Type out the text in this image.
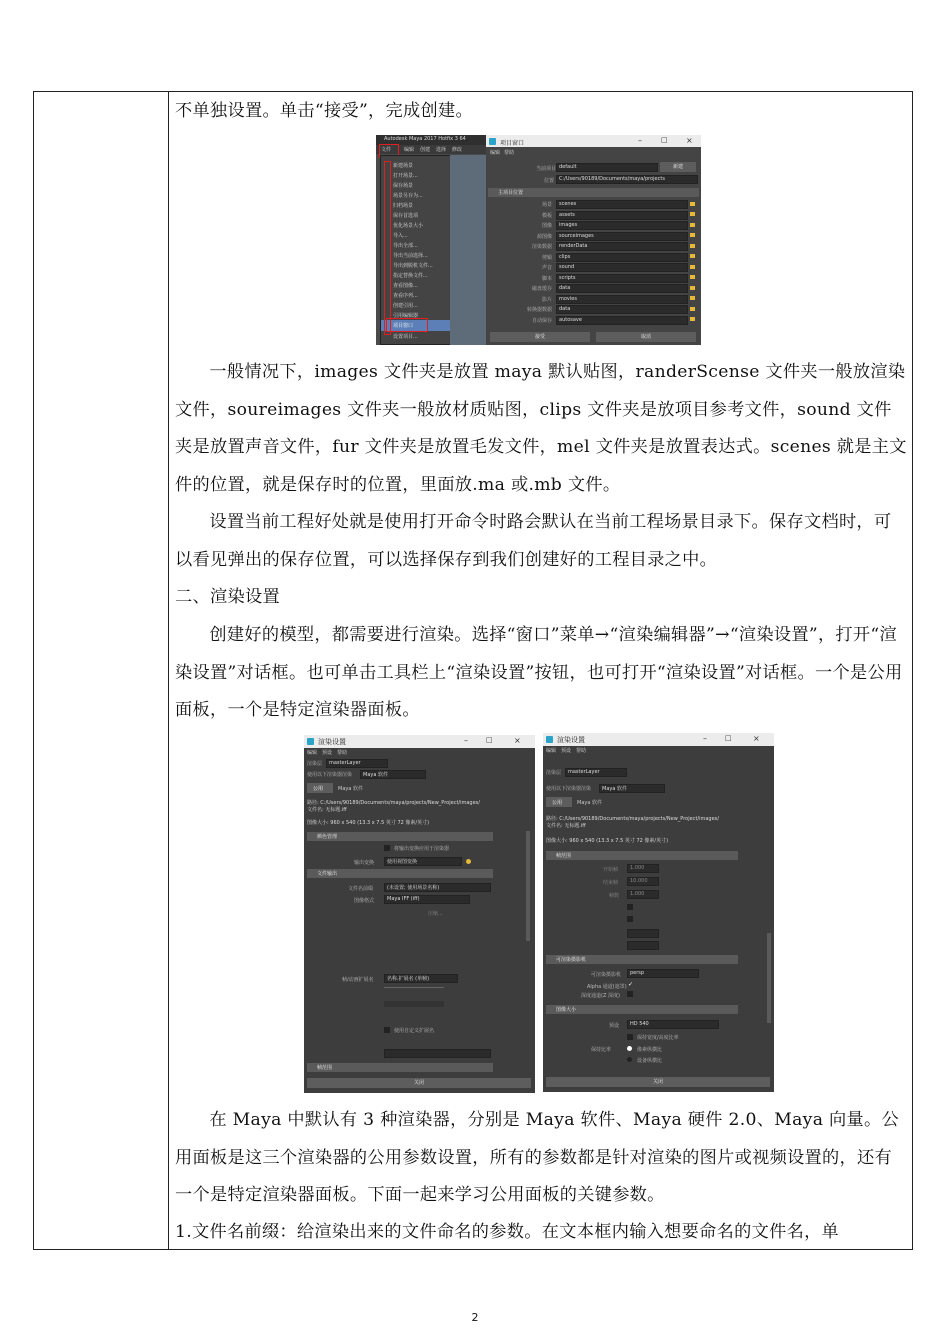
不单独设置。单击“接受”，完成创建。

一般情况下，images 文件夹是放置 maya 默认贴图，randerScense 文件夹一般放渲染文件，soureimages 文件夹一般放材质贴图，clips 文件夹是放项目参考文件，sound 文件夹是放置声音文件，fur 文件夹是放置毛发文件，mel 文件夹是放置表达式。scenes 就是主文件的位置，就是保存时的位置，里面放.ma 或.mb 文件。

设置当前工程好处就是使用打开命令时路会默认在当前工程场景目录下。保存文档时，可以看见弹出的保存位置，可以选择保存到我们创建好的工程目录之中。

二、渲染设置

创建好的模型，都需要进行渲染。选择“窗口”菜单→“渲染编辑器”→“渲染设置”，打开“渲染设置”对话框。也可单击工具栏上“渲染设置”按钮，也可打开“渲染设置”对话框。一个是公用面板，一个是特定渲染器面板。

在 Maya 中默认有 3 种渲染器，分别是 Maya 软件、Maya 硬件 2.0、Maya 向量。公用面板是这三个渲染器的公用参数设置，所有的参数都是针对渲染的图片或视频设置的，还有一个是特定渲染器面板。下面一起来学习公用面板的关键参数。

1.文件名前缀：给渲染出来的文件命名的参数。在文本框内输入想要命名的文件名，单

Autodesk Maya 2017 Hotfix 3 64
文件	编辑 创建 选择 修改
新建场景
打开场景...
保存场景
场景另存为...
归档场景
保存首选项
优化场景大小
导入...
导出全部...
导出当前选择...
导出到脱机文件...
指定替换文件...
查看图像...
查看序列...
创建引用...
引用编辑器
项目窗口
设置项目...
项目窗口	–	□ ×
编辑 帮助
当前项目 default	新建
位置 C:/Users/90189/Documents/maya/projects
主项目位置
场景 scenes
模板 assets
图像 images
源图像 sourceimages
渲染数据 renderData
剪辑 clips
声音 sound
脚本 scripts
磁盘缓存 data
影片 movies
转换器数据 data
自动保存 autosave
接受	取消
渲染设置	–	□	×
编辑 预设 帮助
渲染层 masterLayer
使用以下渲染器渲染 Maya 软件
公用	Maya 软件
路径: C:/Users/90189/Documents/maya/projects/New_Project/images/
文件名: 无标题.iff
图像大小: 960 x 540 (13.3 x 7.5 英寸 72 像素/英寸)
颜色管理
将输出变换应用于渲染器
输出变换	使用视图变换
文件输出
文件名前缀	(未设置; 使用场景名称)
图像格式	Maya IFF (iff)
压缩...
帧/动画扩展名	名称.扩展名 (单帧)
使用自定义扩展名
帧范围
关闭
渲染设置	–	□	×
编辑 预设 帮助
渲染层 masterLayer
使用以下渲染器渲染 Maya 软件
公用	Maya 软件
路径: C:/Users/90189/Documents/maya/projects/New_Project/images/
文件名: 无标题.iff
图像大小: 960 x 540 (13.3 x 7.5 英寸 72 像素/英寸)
帧范围
开始帧 1.000
结束帧 10.000
帧数 1.000
可渲染摄影机
可渲染摄影机 persp
Alpha 通道(遮罩) ✓
深度通道(Z 深度)
图像大小
预设 HD 540
保持宽度/高度比率
保持比率	像素纵横比
设备纵横比
关闭
2
